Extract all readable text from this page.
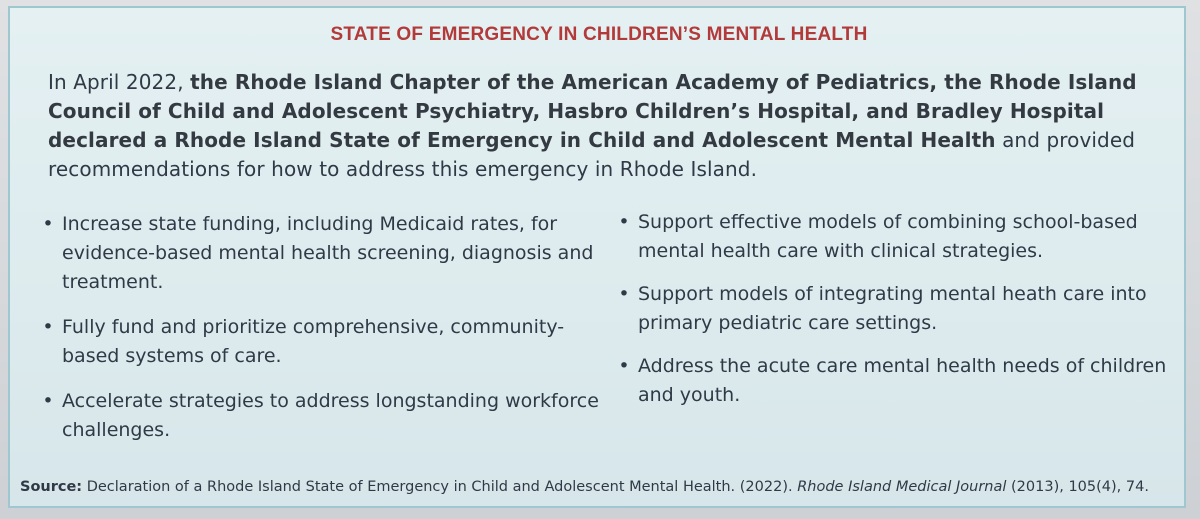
STATE OF EMERGENCY IN CHILDREN’S MENTAL HEALTH

In April 2022, the Rhode Island Chapter of the American Academy of Pediatrics, the Rhode Island Council of Child and Adolescent Psychiatry, Hasbro Children’s Hospital, and Bradley Hospital declared a Rhode Island State of Emergency in Child and Adolescent Mental Health and provided recommendations for how to address this emergency in Rhode Island.

• Increase state funding, including Medicaid rates, for evidence-based mental health screening, diagnosis and treatment.
• Fully fund and prioritize comprehensive, community-based systems of care.
• Accelerate strategies to address longstanding workforce challenges.
• Support effective models of combining school-based mental health care with clinical strategies.
• Support models of integrating mental heath care into primary pediatric care settings.
• Address the acute care mental health needs of children and youth.

Source: Declaration of a Rhode Island State of Emergency in Child and Adolescent Mental Health. (2022). Rhode Island Medical Journal (2013), 105(4), 74.
